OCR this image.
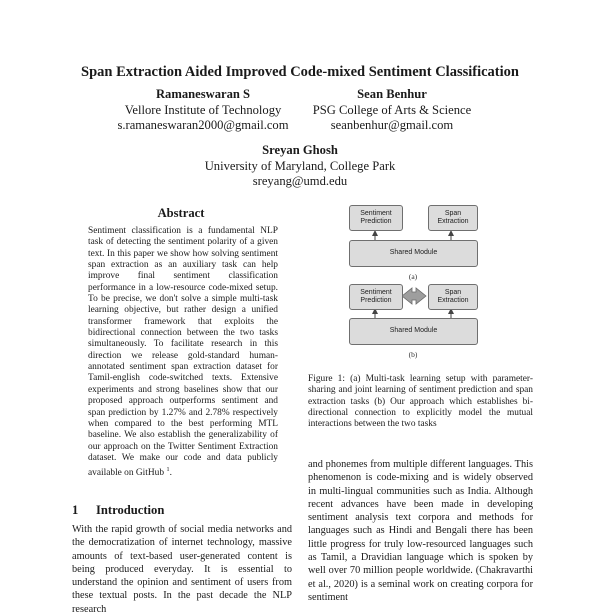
Span Extraction Aided Improved Code-mixed Sentiment Classification
Ramaneswaran S
Vellore Institute of Technology
s.ramaneswaran2000@gmail.com
Sean Benhur
PSG College of Arts & Science
seanbenhur@gmail.com
Sreyan Ghosh
University of Maryland, College Park
sreyang@umd.edu
Abstract

Sentiment classification is a fundamental NLP task of detecting the sentiment polarity of a given text. In this paper we show how solving sentiment span extraction as an auxiliary task can help improve final sentiment classification performance in a low-resource code-mixed setup. To be precise, we don't solve a simple multi-task learning objective, but rather design a unified transformer framework that exploits the bidirectional connection between the two tasks simultaneously. To facilitate research in this direction we release gold-standard human-annotated sentiment span extraction dataset for Tamil-english code-switched texts. Extensive experiments and strong baselines show that our proposed approach outperforms sentiment and span prediction by 1.27% and 2.78% respectively when compared to the best performing MTL baseline. We also establish the generalizability of our approach on the Twitter Sentiment Extraction dataset. We make our code and data publicly available on GitHub $^1$.

1 Introduction

With the rapid growth of social media networks and the democratization of internet technology, massive amounts of text-based user-generated content is being produced everyday. It is essential to understand the opinion and sentiment of users from these textual posts. In the past decade the NLP research

Sentiment Prediction
Span Extraction
Shared Module
(a)
Sentiment Prediction
Span Extraction
Shared Module
(b)
Figure 1: (a) Multi-task learning setup with parameter-sharing and joint learning of sentiment prediction and span extraction tasks (b) Our approach which establishes bi-directional connection to explicitly model the mutual interactions between the two tasks

and phonemes from multiple different languages. This phenomenon is code-mixing and is widely observed in multi-lingual communities such as India. Although recent advances have been made in developing sentiment analysis text corpora and methods for languages such as Hindi and Bengali there has been little progress for truly low-resourced languages such as Tamil, a Dravidian language which is spoken by well over 70 million people worldwide. (Chakravarthi et al., 2020) is a seminal work on creating corpora for sentiment
